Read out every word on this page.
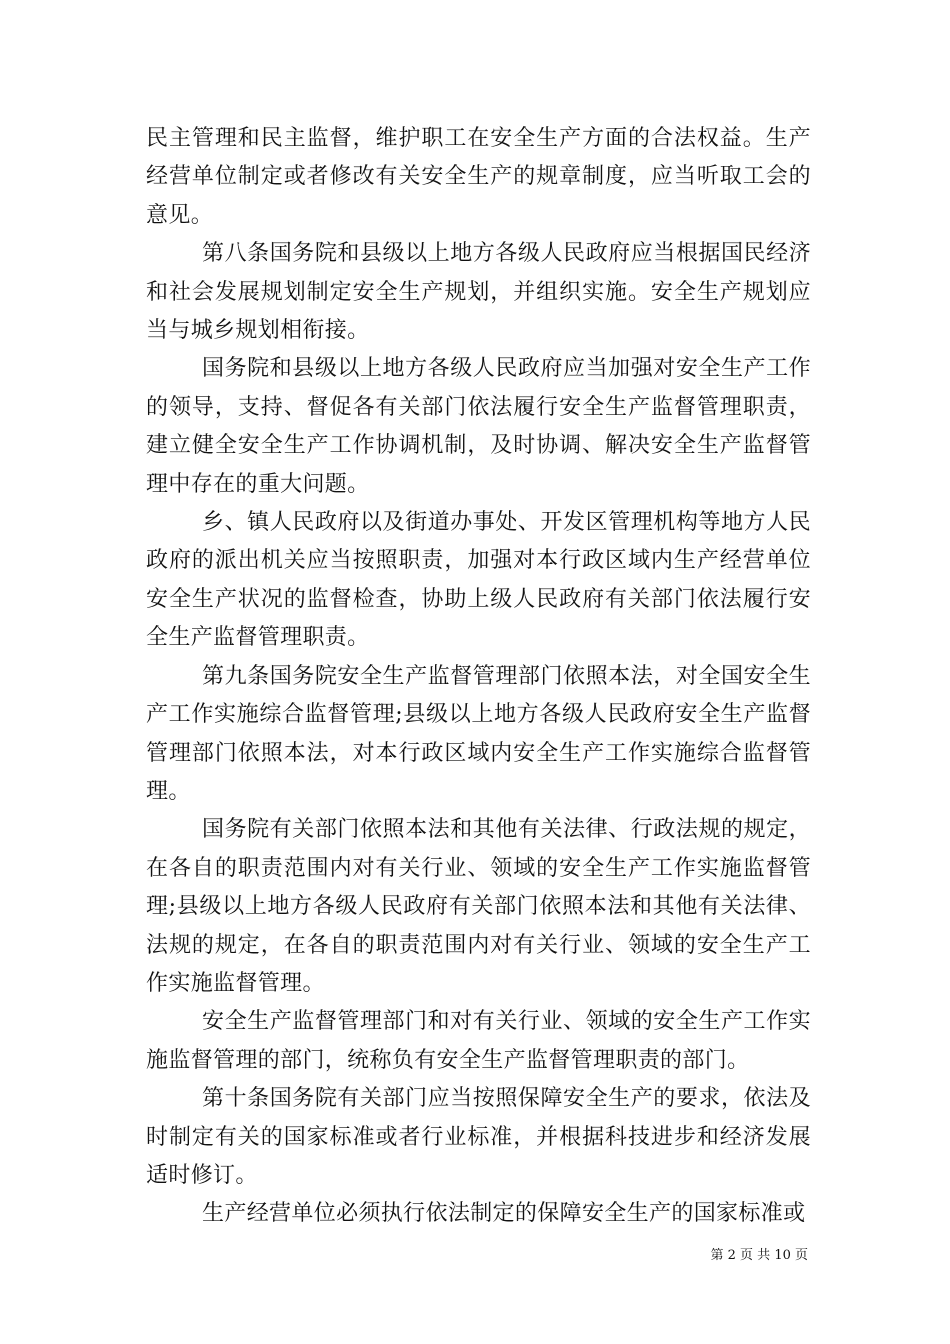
民主管理和民主监督，维护职工在安全生产方面的合法权益。生产经营单位制定或者修改有关安全生产的规章制度，应当听取工会的意见。

第八条国务院和县级以上地方各级人民政府应当根据国民经济和社会发展规划制定安全生产规划，并组织实施。安全生产规划应当与城乡规划相衔接。

国务院和县级以上地方各级人民政府应当加强对安全生产工作的领导，支持、督促各有关部门依法履行安全生产监督管理职责，建立健全安全生产工作协调机制，及时协调、解决安全生产监督管理中存在的重大问题。

乡、镇人民政府以及街道办事处、开发区管理机构等地方人民政府的派出机关应当按照职责，加强对本行政区域内生产经营单位安全生产状况的监督检查，协助上级人民政府有关部门依法履行安全生产监督管理职责。

第九条国务院安全生产监督管理部门依照本法，对全国安全生产工作实施综合监督管理;县级以上地方各级人民政府安全生产监督管理部门依照本法，对本行政区域内安全生产工作实施综合监督管理。

国务院有关部门依照本法和其他有关法律、行政法规的规定，在各自的职责范围内对有关行业、领域的安全生产工作实施监督管理;县级以上地方各级人民政府有关部门依照本法和其他有关法律、法规的规定，在各自的职责范围内对有关行业、领域的安全生产工作实施监督管理。

安全生产监督管理部门和对有关行业、领域的安全生产工作实施监督管理的部门，统称负有安全生产监督管理职责的部门。

第十条国务院有关部门应当按照保障安全生产的要求，依法及时制定有关的国家标准或者行业标准，并根据科技进步和经济发展适时修订。

生产经营单位必须执行依法制定的保障安全生产的国家标准或

第 2 页 共 10 页
